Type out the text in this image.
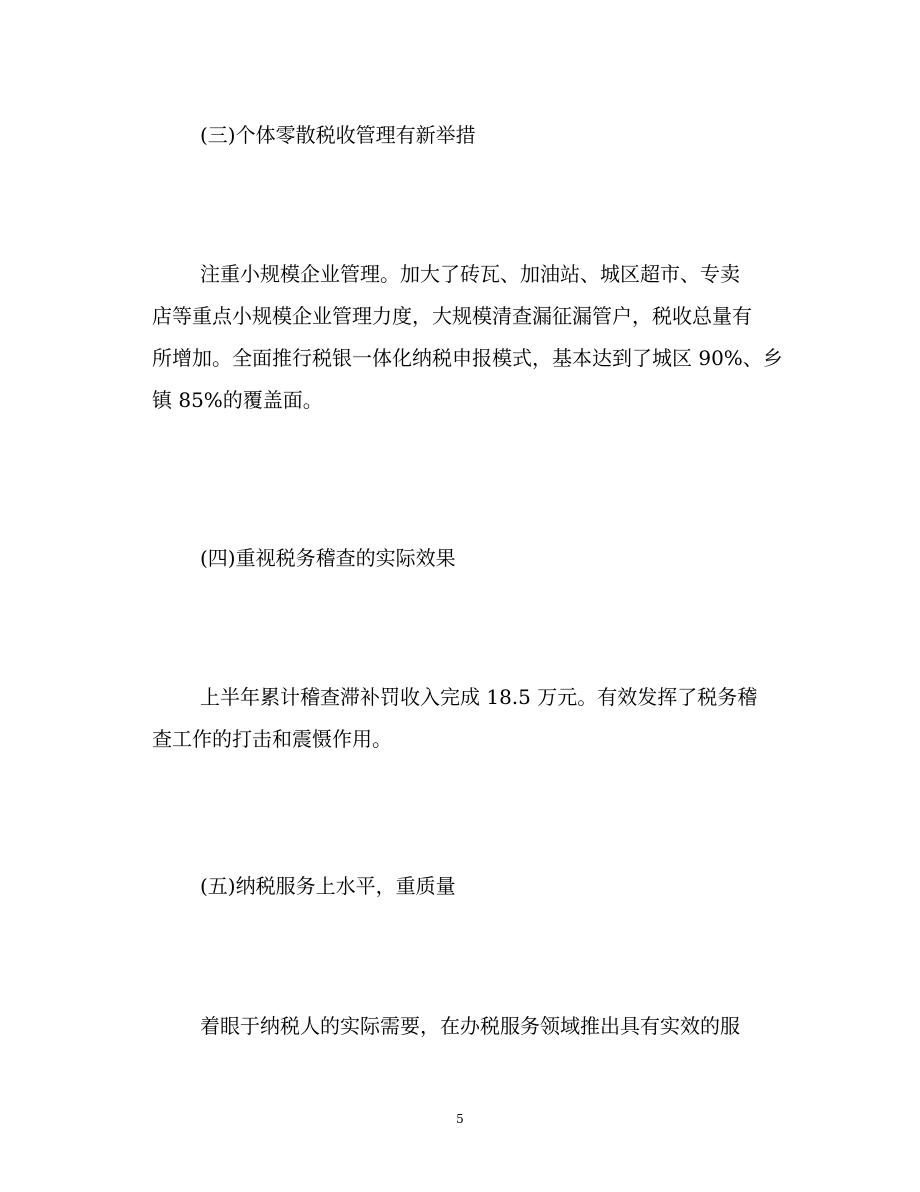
(三)个体零散税收管理有新举措
注重小规模企业管理。加大了砖瓦、加油站、城区超市、专卖
店等重点小规模企业管理力度，大规模清查漏征漏管户，税收总量有
所增加。全面推行税银一体化纳税申报模式，基本达到了城区 90%、乡
镇 85%的覆盖面。
(四)重视税务稽查的实际效果
上半年累计稽查滞补罚收入完成 18.5 万元。有效发挥了税务稽
查工作的打击和震慑作用。
(五)纳税服务上水平，重质量
着眼于纳税人的实际需要，在办税服务领域推出具有实效的服
5
